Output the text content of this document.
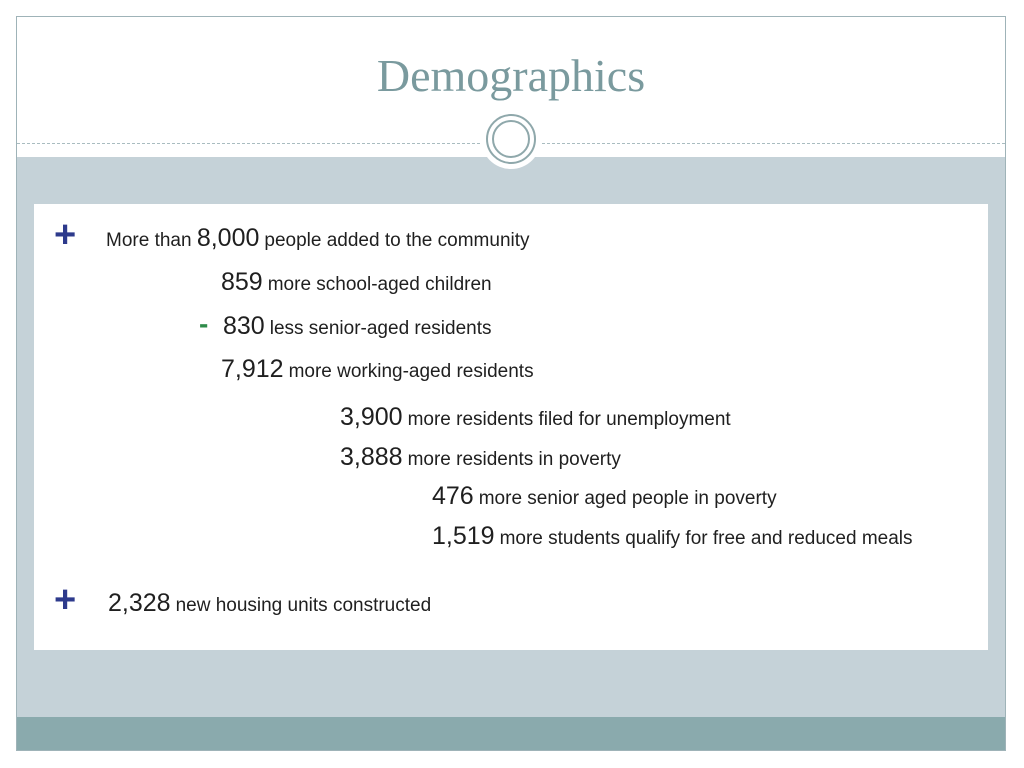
Demographics
+ More than 8,000 people added to the community
859 more school-aged children
- 830 less senior-aged residents
7,912 more working-aged residents
3,900 more residents filed for unemployment
3,888 more residents in poverty
476 more senior aged people in poverty
1,519 more students qualify for free and reduced meals
+ 2,328 new housing units constructed
